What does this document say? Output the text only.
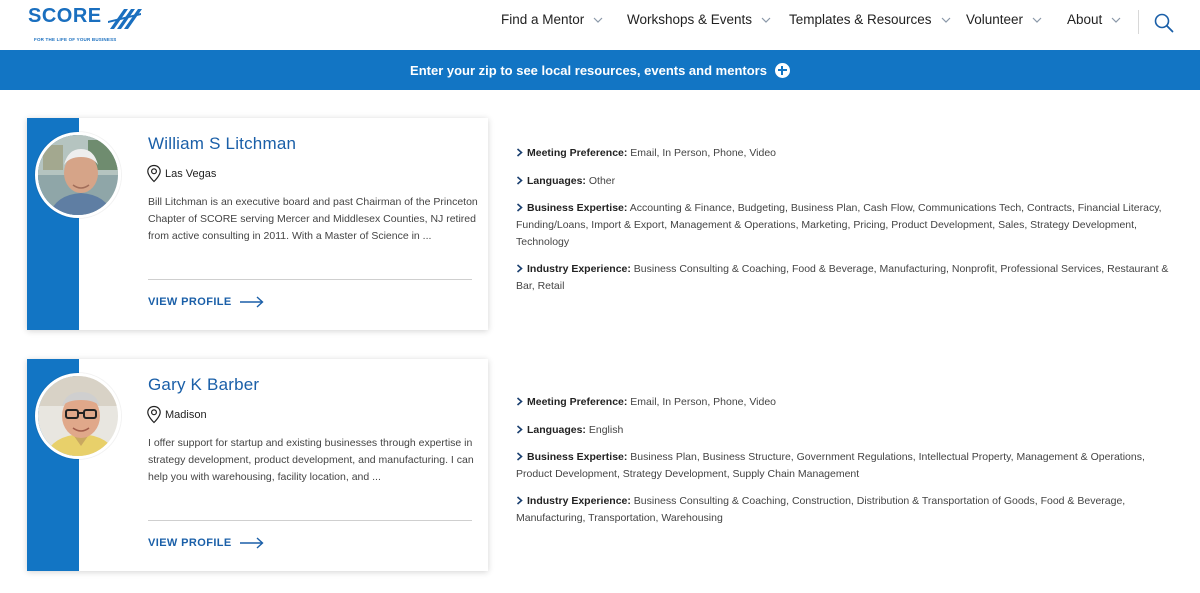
SCORE
FOR THE LIFE OF YOUR BUSINESS
Find a Mentor	Workshops & Events	Templates & Resources	Volunteer	About
Enter your zip to see local resources, events and mentors
William S Litchman
Las Vegas
Bill Litchman is an executive board and past Chairman of the Princeton Chapter of SCORE serving Mercer and Middlesex Counties, NJ retired from active consulting in 2011. With a Master of Science in ...
VIEW PROFILE
Meeting Preference: Email, In Person, Phone, Video
Languages: Other
Business Expertise: Accounting & Finance, Budgeting, Business Plan, Cash Flow, Communications Tech, Contracts, Financial Literacy, Funding/Loans, Import & Export, Management & Operations, Marketing, Pricing, Product Development, Sales, Strategy Development, Technology
Industry Experience: Business Consulting & Coaching, Food & Beverage, Manufacturing, Nonprofit, Professional Services, Restaurant & Bar, Retail
Gary K Barber
Madison
I offer support for startup and existing businesses through expertise in strategy development, product development, and manufacturing. I can help you with warehousing, facility location, and ...
VIEW PROFILE
Meeting Preference: Email, In Person, Phone, Video
Languages: English
Business Expertise: Business Plan, Business Structure, Government Regulations, Intellectual Property, Management & Operations, Product Development, Strategy Development, Supply Chain Management
Industry Experience: Business Consulting & Coaching, Construction, Distribution & Transportation of Goods, Food & Beverage, Manufacturing, Transportation, Warehousing
